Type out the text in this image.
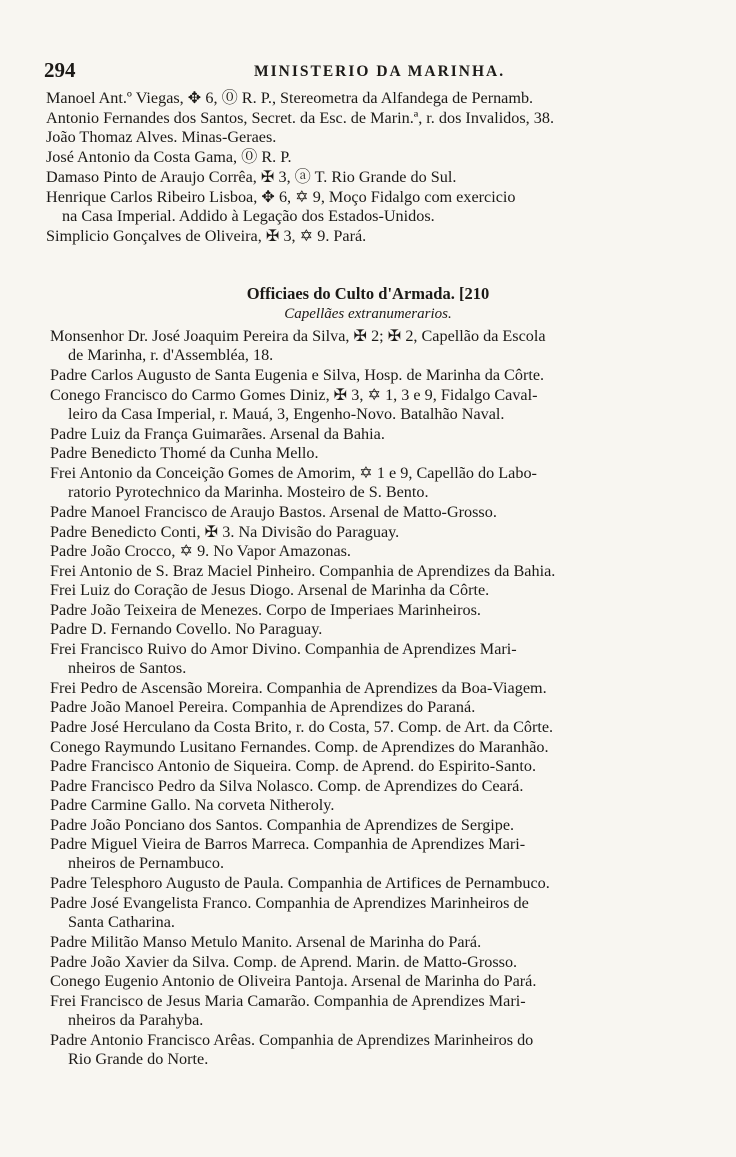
294	MINISTERIO DA MARINHA.
Manoel Ant.º Viegas, ✥ 6, ⓪ R. P., Stereometra da Alfandega de Pernamb.
Antonio Fernandes dos Santos, Secret. da Esc. de Marin.ª, r. dos Invalidos, 38.
João Thomaz Alves. Minas-Geraes.
José Antonio da Costa Gama, ⓪ R. P.
Damaso Pinto de Araujo Corrêa, ✠ 3, ⓐ T. Rio Grande do Sul.
Henrique Carlos Ribeiro Lisboa, ✥ 6, ✡ 9, Moço Fidalgo com exercicio
na Casa Imperial. Addido à Legação dos Estados-Unidos.
Simplicio Gonçalves de Oliveira, ✠ 3, ✡ 9. Pará.
Officiaes do Culto d'Armada. [210
Capellães extranumerarios.
Monsenhor Dr. José Joaquim Pereira da Silva, ✠ 2; ✠ 2, Capellão da Escola
de Marinha, r. d'Assembléa, 18.
Padre Carlos Augusto de Santa Eugenia e Silva, Hosp. de Marinha da Côrte.
Conego Francisco do Carmo Gomes Diniz, ✠ 3, ✡ 1, 3 e 9, Fidalgo Caval-
leiro da Casa Imperial, r. Mauá, 3, Engenho-Novo. Batalhão Naval.
Padre Luiz da França Guimarães. Arsenal da Bahia.
Padre Benedicto Thomé da Cunha Mello.
Frei Antonio da Conceição Gomes de Amorim, ✡ 1 e 9, Capellão do Labo-
ratorio Pyrotechnico da Marinha. Mosteiro de S. Bento.
Padre Manoel Francisco de Araujo Bastos. Arsenal de Matto-Grosso.
Padre Benedicto Conti, ✠ 3. Na Divisão do Paraguay.
Padre João Crocco, ✡ 9. No Vapor Amazonas.
Frei Antonio de S. Braz Maciel Pinheiro. Companhia de Aprendizes da Bahia.
Frei Luiz do Coração de Jesus Diogo. Arsenal de Marinha da Côrte.
Padre João Teixeira de Menezes. Corpo de Imperiaes Marinheiros.
Padre D. Fernando Covello. No Paraguay.
Frei Francisco Ruivo do Amor Divino. Companhia de Aprendizes Mari-
nheiros de Santos.
Frei Pedro de Ascensão Moreira. Companhia de Aprendizes da Boa-Viagem.
Padre João Manoel Pereira. Companhia de Aprendizes do Paraná.
Padre José Herculano da Costa Brito, r. do Costa, 57. Comp. de Art. da Côrte.
Conego Raymundo Lusitano Fernandes. Comp. de Aprendizes do Maranhão.
Padre Francisco Antonio de Siqueira. Comp. de Aprend. do Espirito-Santo.
Padre Francisco Pedro da Silva Nolasco. Comp. de Aprendizes do Ceará.
Padre Carmine Gallo. Na corveta Nitheroly.
Padre João Ponciano dos Santos. Companhia de Aprendizes de Sergipe.
Padre Miguel Vieira de Barros Marreca. Companhia de Aprendizes Mari-
nheiros de Pernambuco.
Padre Telesphoro Augusto de Paula. Companhia de Artifices de Pernambuco.
Padre José Evangelista Franco. Companhia de Aprendizes Marinheiros de
Santa Catharina.
Padre Militão Manso Metulo Manito. Arsenal de Marinha do Pará.
Padre João Xavier da Silva. Comp. de Aprend. Marin. de Matto-Grosso.
Conego Eugenio Antonio de Oliveira Pantoja. Arsenal de Marinha do Pará.
Frei Francisco de Jesus Maria Camarão. Companhia de Aprendizes Mari-
nheiros da Parahyba.
Padre Antonio Francisco Arêas. Companhia de Aprendizes Marinheiros do
Rio Grande do Norte.
